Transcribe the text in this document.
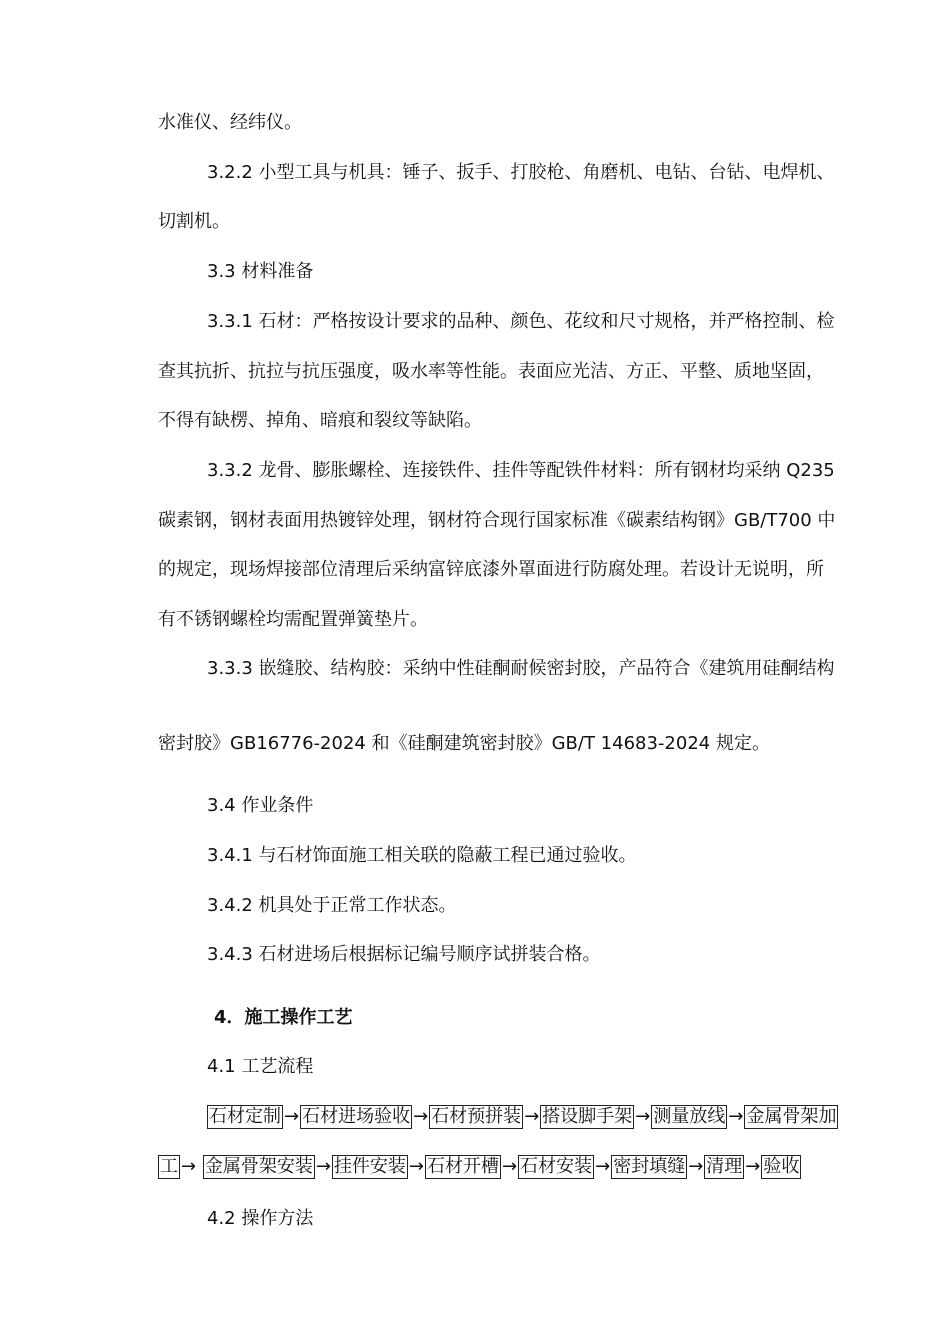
水准仪、经纬仪。
3.2.2 小型工具与机具：锤子、扳手、打胶枪、角磨机、电钻、台钻、电焊机、
切割机。
3.3 材料准备
3.3.1 石材：严格按设计要求的品种、颜色、花纹和尺寸规格，并严格控制、检
查其抗折、抗拉与抗压强度，吸水率等性能。表面应光洁、方正、平整、质地坚固，
不得有缺楞、掉角、暗痕和裂纹等缺陷。
3.3.2 龙骨、膨胀螺栓、连接铁件、挂件等配铁件材料：所有钢材均采纳 Q235
碳素钢，钢材表面用热镀锌处理，钢材符合现行国家标准《碳素结构钢》GB/T700 中
的规定，现场焊接部位清理后采纳富锌底漆外罩面进行防腐处理。若设计无说明，所
有不锈钢螺栓均需配置弹簧垫片。
3.3.3 嵌缝胶、结构胶：采纳中性硅酮耐候密封胶，产品符合《建筑用硅酮结构
密封胶》GB16776-2024 和《硅酮建筑密封胶》GB/T 14683-2024 规定。
3.4 作业条件
3.4.1 与石材饰面施工相关联的隐蔽工程已通过验收。
3.4.2 机具处于正常工作状态。
3.4.3 石材进场后根据标记编号顺序试拼装合格。
4．施工操作工艺
4.1 工艺流程
石材定制 → 石材进场验收 → 石材预拼装 → 搭设脚手架 → 测量放线 → 金属骨架加
工 → 金属骨架安装 → 挂件安装 → 石材开槽 → 石材安装 → 密封填缝 → 清理 → 验收
4.2 操作方法
